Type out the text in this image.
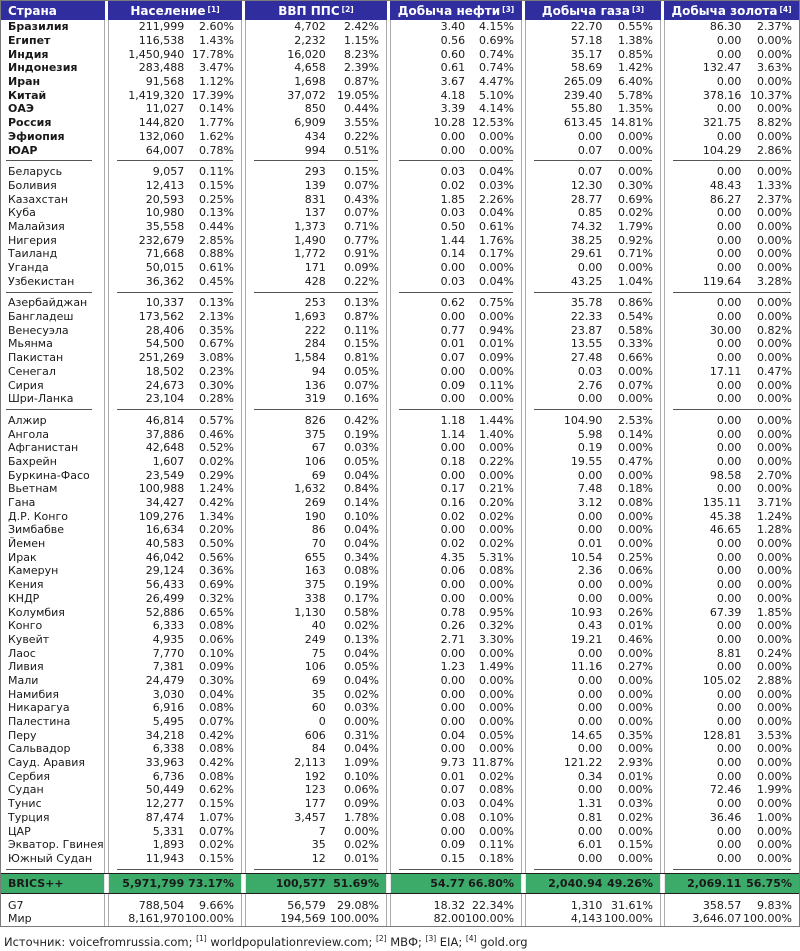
Страна	Население [1]	ВВП ППС [2]	Добыча нефти [3] Добыча газа [3] Добыча золота [4]
Бразилия	211,999	2.60%	4,702	2.42%	3.40	4.15%	22.70	0.55%	86.30	2.37%
Египет	116,538	1.43%	2,232	1.15%	0.56	0.69%	57.18	1.38%	0.00	0.00%
Индия	1,450,940 17.78%	16,020	8.23%	0.60	0.74%	35.17	0.85%	0.00	0.00%
Индонезия	283,488	3.47%	4,658	2.39%	0.61	0.74%	58.69	1.42%	132.47	3.63%
Иран	91,568	1.12%	1,698	0.87%	3.67	4.47%	265.09	6.40%	0.00	0.00%
Китай	1,419,320 17.39%	37,072	19.05%	4.18	5.10%	239.40	5.78%	378.16 10.37%
ОАЭ	11,027	0.14%	850	0.44%	3.39	4.14%	55.80	1.35%	0.00	0.00%
Россия	144,820	1.77%	6,909	3.55%	10.28 12.53%	613.45 14.81%	321.75	8.82%
Эфиопия	132,060	1.62%	434	0.22%	0.00	0.00%	0.00	0.00%	0.00	0.00%
ЮАР	64,007	0.78%	994	0.51%	0.00	0.00%	0.07	0.00%	104.29	2.86%
Беларусь	9,057	0.11%	293	0.15%	0.03	0.04%	0.07	0.00%	0.00	0.00%
Боливия	12,413	0.15%	139	0.07%	0.02	0.03%	12.30	0.30%	48.43	1.33%
Казахстан	20,593	0.25%	831	0.43%	1.85	2.26%	28.77	0.69%	86.27	2.37%
Куба	10,980	0.13%	137	0.07%	0.03	0.04%	0.85	0.02%	0.00	0.00%
Малайзия	35,558	0.44%	1,373	0.71%	0.50	0.61%	74.32	1.79%	0.00	0.00%
Нигерия	232,679	2.85%	1,490	0.77%	1.44	1.76%	38.25	0.92%	0.00	0.00%
Таиланд	71,668	0.88%	1,772	0.91%	0.14	0.17%	29.61	0.71%	0.00	0.00%
Уганда	50,015	0.61%	171	0.09%	0.00	0.00%	0.00	0.00%	0.00	0.00%
Узбекистан	36,362	0.45%	428	0.22%	0.03	0.04%	43.25	1.04%	119.64	3.28%
Азербайджан	10,337	0.13%	253	0.13%	0.62	0.75%	35.78	0.86%	0.00	0.00%
Бангладеш	173,562	2.13%	1,693	0.87%	0.00	0.00%	22.33	0.54%	0.00	0.00%
Венесуэла	28,406	0.35%	222	0.11%	0.77	0.94%	23.87	0.58%	30.00	0.82%
Мьянма	54,500	0.67%	284	0.15%	0.01	0.01%	13.55	0.33%	0.00	0.00%
Пакистан	251,269	3.08%	1,584	0.81%	0.07	0.09%	27.48	0.66%	0.00	0.00%
Сенегал	18,502	0.23%	94	0.05%	0.00	0.00%	0.03	0.00%	17.11	0.47%
Сирия	24,673	0.30%	136	0.07%	0.09	0.11%	2.76	0.07%	0.00	0.00%
Шри-Ланка	23,104	0.28%	319	0.16%	0.00	0.00%	0.00	0.00%	0.00	0.00%
Алжир	46,814	0.57%	826	0.42%	1.18	1.44%	104.90	2.53%	0.00	0.00%
Ангола	37,886	0.46%	375	0.19%	1.14	1.40%	5.98	0.14%	0.00	0.00%
Афганистан	42,648	0.52%	67	0.03%	0.00	0.00%	0.19	0.00%	0.00	0.00%
Бахрейн	1,607	0.02%	106	0.05%	0.18	0.22%	19.55	0.47%	0.00	0.00%
Буркина-Фасо	23,549	0.29%	69	0.04%	0.00	0.00%	0.00	0.00%	98.58	2.70%
Вьетнам	100,988	1.24%	1,632	0.84%	0.17	0.21%	7.48	0.18%	0.00	0.00%
Гана	34,427	0.42%	269	0.14%	0.16	0.20%	3.12	0.08%	135.11	3.71%
Д.Р. Конго	109,276	1.34%	190	0.10%	0.02	0.02%	0.00	0.00%	45.38	1.24%
Зимбабве	16,634	0.20%	86	0.04%	0.00	0.00%	0.00	0.00%	46.65	1.28%
Йемен	40,583	0.50%	70	0.04%	0.02	0.02%	0.01	0.00%	0.00	0.00%
Ирак	46,042	0.56%	655	0.34%	4.35	5.31%	10.54	0.25%	0.00	0.00%
Камерун	29,124	0.36%	163	0.08%	0.06	0.08%	2.36	0.06%	0.00	0.00%
Кения	56,433	0.69%	375	0.19%	0.00	0.00%	0.00	0.00%	0.00	0.00%
КНДР	26,499	0.32%	338	0.17%	0.00	0.00%	0.00	0.00%	0.00	0.00%
Колумбия	52,886	0.65%	1,130	0.58%	0.78	0.95%	10.93	0.26%	67.39	1.85%
Конго	6,333	0.08%	40	0.02%	0.26	0.32%	0.43	0.01%	0.00	0.00%
Кувейт	4,935	0.06%	249	0.13%	2.71	3.30%	19.21	0.46%	0.00	0.00%
Лаос	7,770	0.10%	75	0.04%	0.00	0.00%	0.00	0.00%	8.81	0.24%
Ливия	7,381	0.09%	106	0.05%	1.23	1.49%	11.16	0.27%	0.00	0.00%
Мали	24,479	0.30%	69	0.04%	0.00	0.00%	0.00	0.00%	105.02	2.88%
Намибия	3,030	0.04%	35	0.02%	0.00	0.00%	0.00	0.00%	0.00	0.00%
Никарагуа	6,916	0.08%	60	0.03%	0.00	0.00%	0.00	0.00%	0.00	0.00%
Палестина	5,495	0.07%	0	0.00%	0.00	0.00%	0.00	0.00%	0.00	0.00%
Перу	34,218	0.42%	606	0.31%	0.04	0.05%	14.65	0.35%	128.81	3.53%
Сальвадор	6,338	0.08%	84	0.04%	0.00	0.00%	0.00	0.00%	0.00	0.00%
Сауд. Аравия	33,963	0.42%	2,113	1.09%	9.73 11.87%	121.22	2.93%	0.00	0.00%
Сербия	6,736	0.08%	192	0.10%	0.01	0.02%	0.34	0.01%	0.00	0.00%
Судан	50,449	0.62%	123	0.06%	0.07	0.08%	0.00	0.00%	72.46	1.99%
Тунис	12,277	0.15%	177	0.09%	0.03	0.04%	1.31	0.03%	0.00	0.00%
Турция	87,474	1.07%	3,457	1.78%	0.08	0.10%	0.81	0.02%	36.46	1.00%
ЦАР	5,331	0.07%	7	0.00%	0.00	0.00%	0.00	0.00%	0.00	0.00%
Экватор. Гвинея	1,893	0.02%	35	0.02%	0.09	0.11%	6.01	0.15%	0.00	0.00%
Южный Судан	11,943	0.15%	12	0.01%	0.15	0.18%	0.00	0.00%	0.00	0.00%
BRICS++	5,971,799 73.17%	100,577 51.69%	54.77 66.80%	2,040.94 49.26%	2,069.11 56.75%
G7	788,504	9.66%	56,579	29.08%	18.32 22.34%	1,310 31.61%	358.57	9.83%
Мир	8,161,970 100.00%	194,569 100.00%	82.00 100.00%	4,143 100.00%	3,646.07 100.00%
Источник: voicefromrussia.com; [1] worldpopulationreview.com; [2] МВФ; [3] EIA; [4] gold.org
